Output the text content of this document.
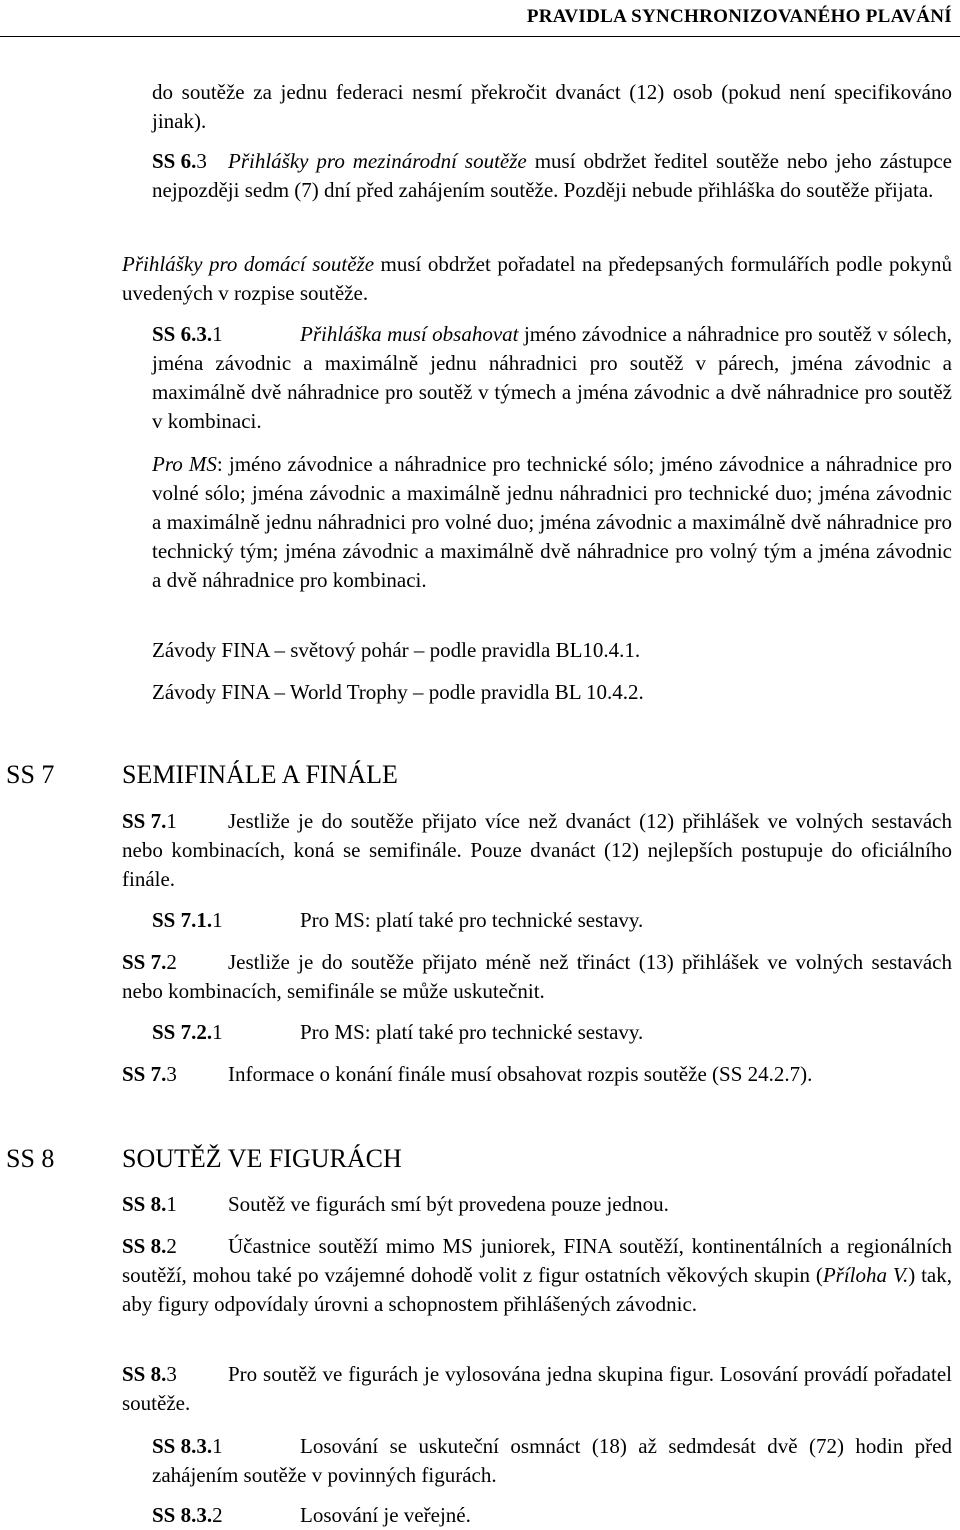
PRAVIDLA SYNCHRONIZOVANÉHO PLAVÁNÍ
do soutěže za jednu federaci nesmí překročit dvanáct (12) osob (pokud není specifikováno jinak).
SS 6.3 Přihlášky pro mezinárodní soutěže musí obdržet ředitel soutěže nebo jeho zástupce nejpozději sedm (7) dní před zahájením soutěže. Později nebude přihláška do soutěže přijata.
Přihlášky pro domácí soutěže musí obdržet pořadatel na předepsaných formulářích podle pokynů uvedených v rozpise soutěže.
SS 6.3.1	Přihláška musí obsahovat jméno závodnice a náhradnice pro soutěž v sólech, jména závodnic a maximálně jednu náhradnici pro soutěž v párech, jména závodnic a maximálně dvě náhradnice pro soutěž v týmech a jména závodnic a dvě náhradnice pro soutěž v kombinaci.
Pro MS: jméno závodnice a náhradnice pro technické sólo; jméno závodnice a náhradnice pro volné sólo; jména závodnic a maximálně jednu náhradnici pro technické duo; jména závodnic a maximálně jednu náhradnici pro volné duo; jména závodnic a maximálně dvě náhradnice pro technický tým; jména závodnic a maximálně dvě náhradnice pro volný tým a jména závodnic a dvě náhradnice pro kombinaci.
Závody FINA – světový pohár – podle pravidla BL10.4.1.
Závody FINA – World Trophy – podle pravidla BL 10.4.2.
SS 7	SEMIFINÁLE A FINÁLE
SS 7.1 Jestliže je do soutěže přijato více než dvanáct (12) přihlášek ve volných sestavách nebo kombinacích, koná se semifinále. Pouze dvanáct (12) nejlepších postupuje do oficiálního finále.
SS 7.1.1	Pro MS: platí také pro technické sestavy.
SS 7.2 Jestliže je do soutěže přijato méně než třináct (13) přihlášek ve volných sestavách nebo kombinacích, semifinále se může uskutečnit.
SS 7.2.1	Pro MS: platí také pro technické sestavy.
SS 7.3 Informace o konání finále musí obsahovat rozpis soutěže (SS 24.2.7).
SS 8	SOUTĚŽ VE FIGURÁCH
SS 8.1 Soutěž ve figurách smí být provedena pouze jednou.
SS 8.2 Účastnice soutěží mimo MS juniorek, FINA soutěží, kontinentálních a regionálních soutěží, mohou také po vzájemné dohodě volit z figur ostatních věkových skupin (Příloha V.) tak, aby figury odpovídaly úrovni a schopnostem přihlášených závodnic.
SS 8.3 Pro soutěž ve figurách je vylosována jedna skupina figur. Losování provádí pořadatel soutěže.
SS 8.3.1	Losování se uskuteční osmnáct (18) až sedmdesát dvě (72) hodin před zahájením soutěže v povinných figurách.
SS 8.3.2	Losování je veřejné.
